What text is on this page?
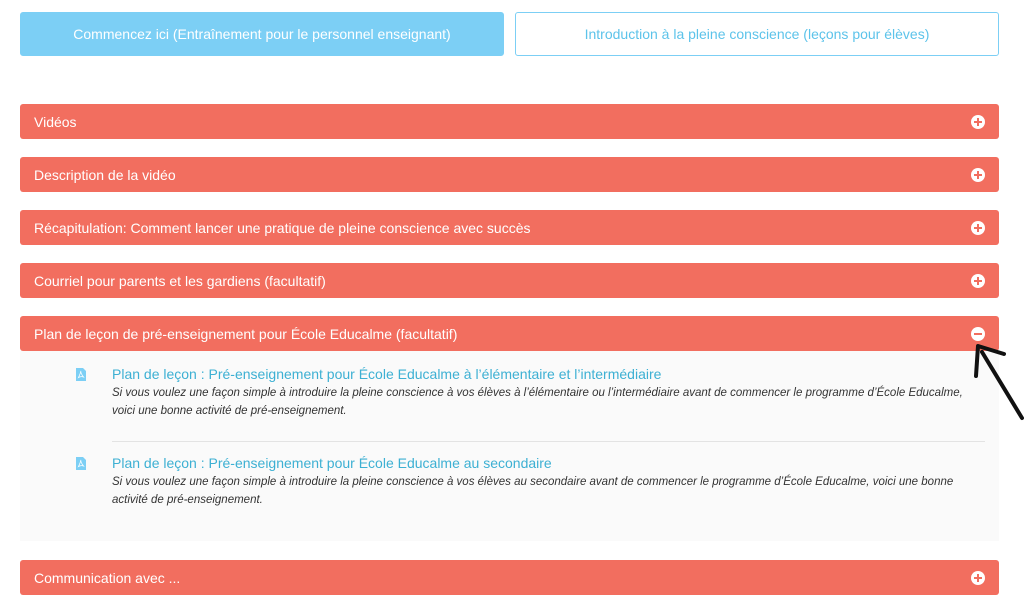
Commencez ici (Entraînement pour le personnel enseignant)	Introduction à la pleine conscience (leçons pour élèves)
Vidéos
Description de la vidéo
Récapitulation: Comment lancer une pratique de pleine conscience avec succès
Courriel pour parents et les gardiens (facultatif)
Plan de leçon de pré-enseignement pour École Educalme (facultatif)
Plan de leçon : Pré-enseignement pour École Educalme à l’élémentaire et l’intermédiaire
Si vous voulez une façon simple à introduire la pleine conscience à vos élèves à l’élémentaire ou l’intermédiaire avant de commencer le programme d’École Educalme, voici une bonne activité de pré-enseignement.
Plan de leçon : Pré-enseignement pour École Educalme au secondaire
Si vous voulez une façon simple à introduire la pleine conscience à vos élèves au secondaire avant de commencer le programme d’École Educalme, voici une bonne activité de pré-enseignement.
Communication avec ...
